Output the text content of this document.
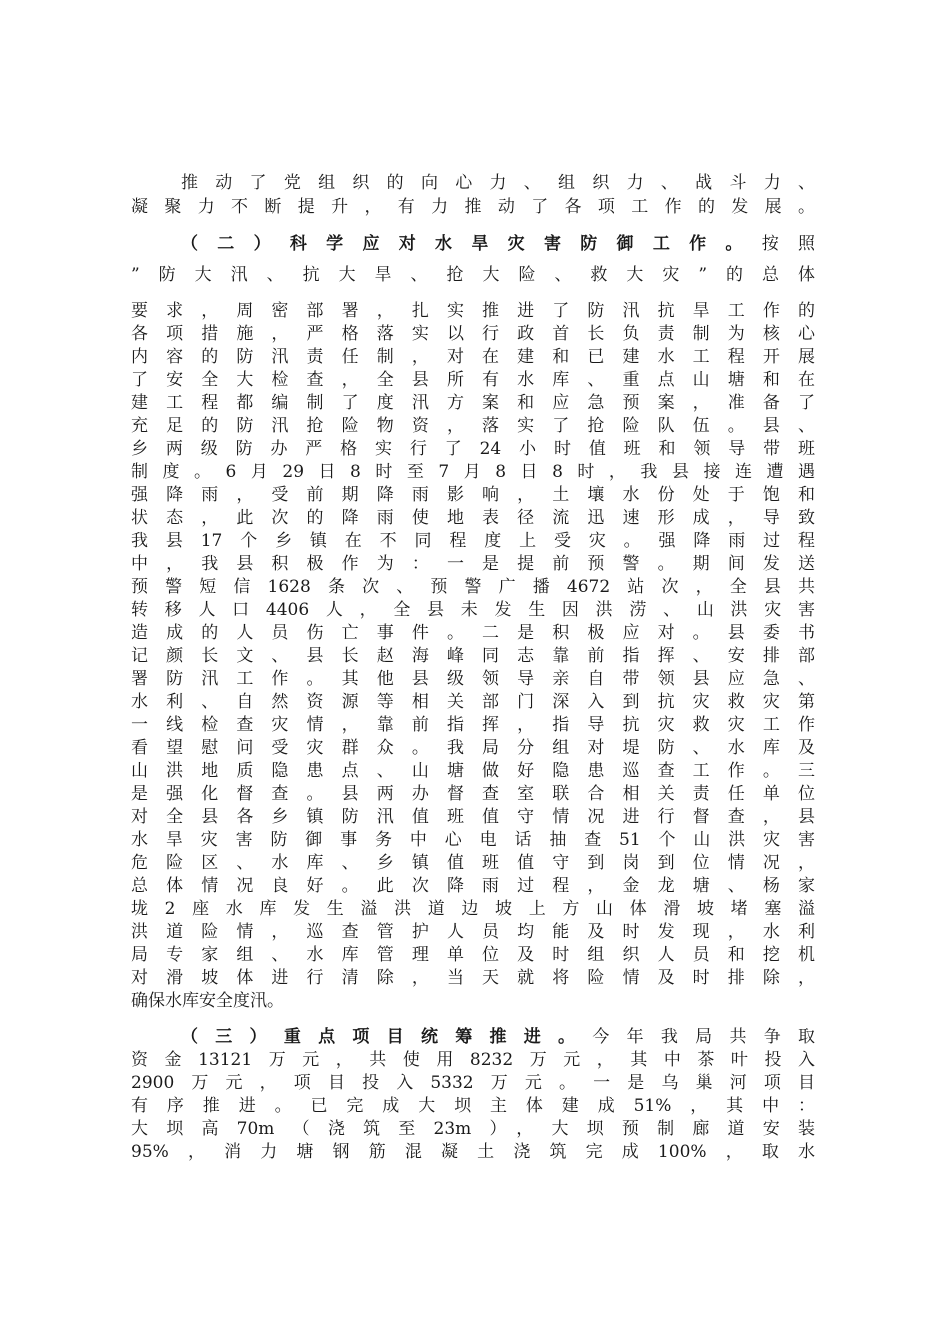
推动了党组织的向心力、组织力、战斗力、
凝聚力不断提升，有力推动了各项工作的发展。
（二）科学应对水旱灾害防御工作。按照
”防大汛、抗大旱、抢大险、救大灾”的总体
要求，周密部署，扎实推进了防汛抗旱工作的
各项措施，严格落实以行政首长负责制为核心
内容的防汛责任制，对在建和已建水工程开展
了安全大检查，全县所有水库、重点山塘和在
建工程都编制了度汛方案和应急预案，准备了
充足的防汛抢险物资，落实了抢险队伍。县、
乡两级防办严格实行了24小时值班和领导带班
制度。6月29日8时至7月8日8时，我县接连遭遇
强降雨，受前期降雨影响，土壤水份处于饱和
状态，此次的降雨使地表径流迅速形成，导致
我县17个乡镇在不同程度上受灾。强降雨过程
中，我县积极作为：一是提前预警。期间发送
预警短信1628条次、预警广播4672站次，全县共
转移人口4406人，全县未发生因洪涝、山洪灾害
造成的人员伤亡事件。二是积极应对。县委书
记颜长文、县长赵海峰同志靠前指挥、安排部
署防汛工作。其他县级领导亲自带领县应急、
水利、自然资源等相关部门深入到抗灾救灾第
一线检查灾情，靠前指挥，指导抗灾救灾工作
看望慰问受灾群众。我局分组对堤防、水库及
山洪地质隐患点、山塘做好隐患巡查工作。三
是强化督查。县两办督查室联合相关责任单位
对全县各乡镇防汛值班值守情况进行督查，县
水旱灾害防御事务中心电话抽查51个山洪灾害
危险区、水库、乡镇值班值守到岗到位情况，
总体情况良好。此次降雨过程，金龙塘、杨家
垅2座水库发生溢洪道边坡上方山体滑坡堵塞溢
洪道险情，巡查管护人员均能及时发现，水利
局专家组、水库管理单位及时组织人员和挖机
对滑坡体进行清除，当天就将险情及时排除，
确保水库安全度汛。
（三）重点项目统筹推进。今年我局共争取
资金13121万元，共使用8232万元，其中茶叶投入
2900万元，项目投入5332万元。一是乌巢河项目
有序推进。已完成大坝主体建成51%，其中：
大坝高70m（浇筑至23m），大坝预制廊道安装
95%，消力塘钢筋混凝土浇筑完成100%，取水
